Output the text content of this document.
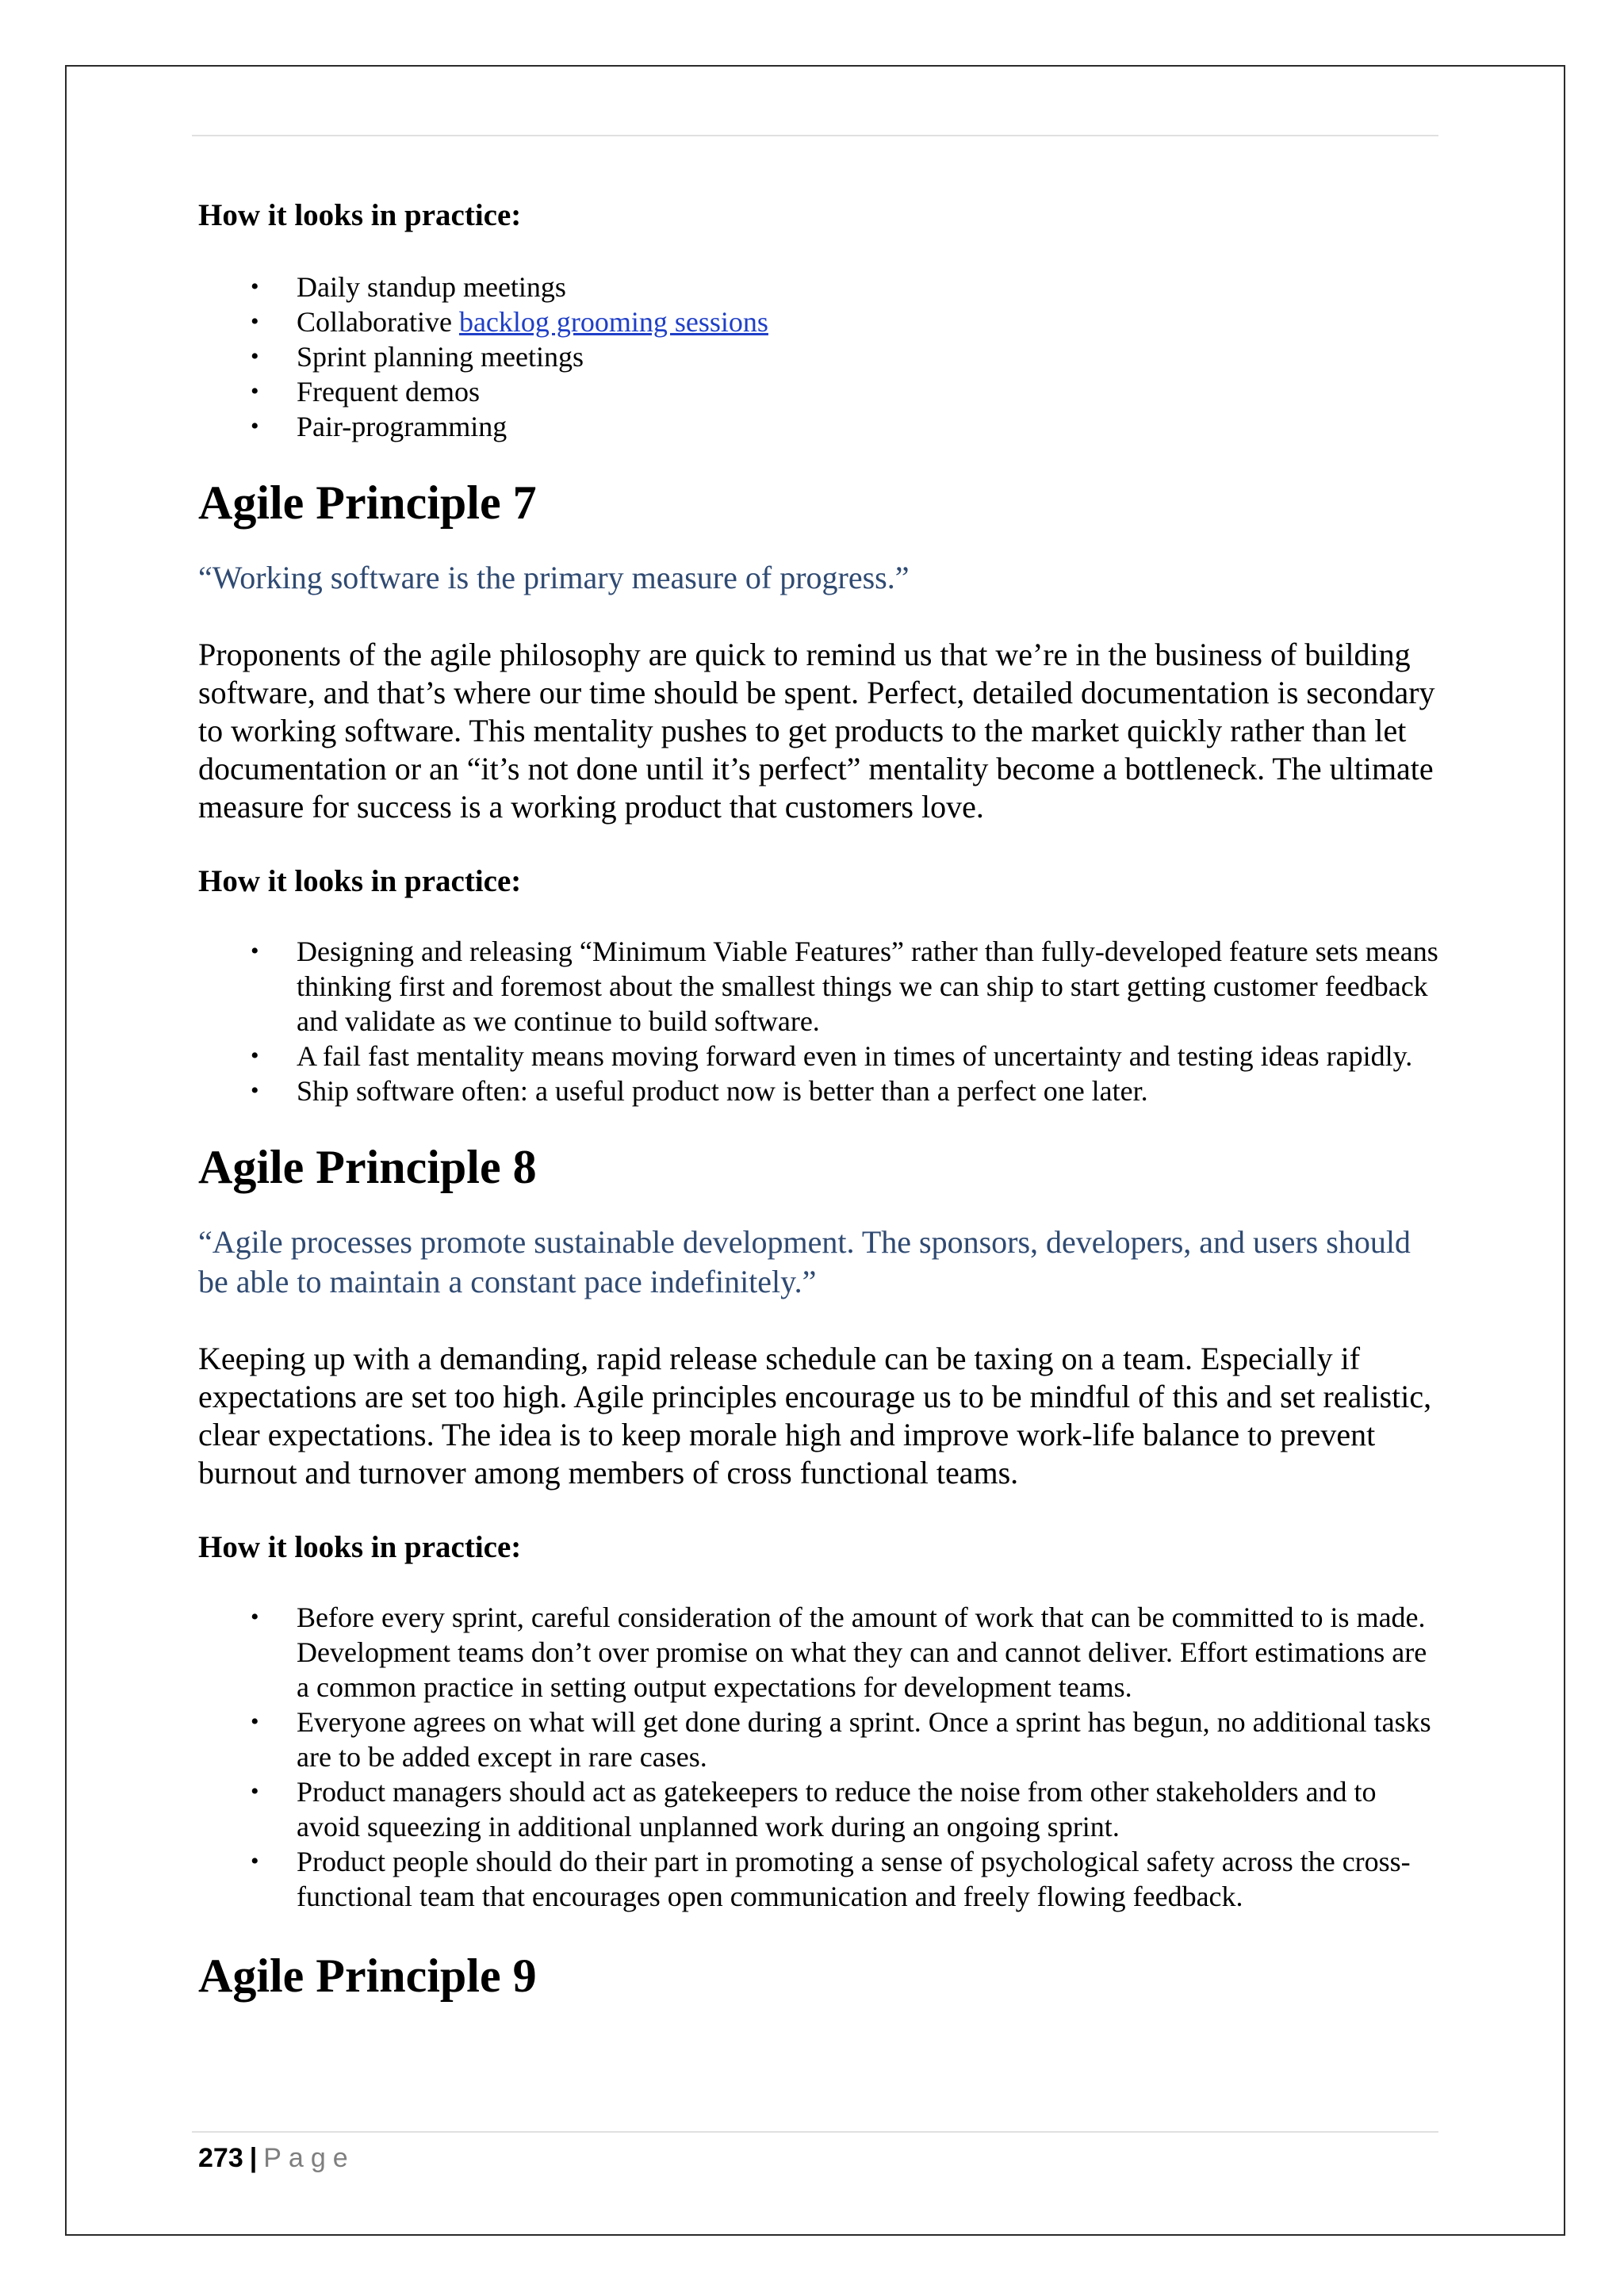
How it looks in practice:
• Daily standup meetings
• Collaborative backlog grooming sessions
• Sprint planning meetings
• Frequent demos
• Pair-programming
Agile Principle 7

“Working software is the primary measure of progress.”

Proponents of the agile philosophy are quick to remind us that we’re in the business of building software, and that’s where our time should be spent. Perfect, detailed documentation is secondary to working software. This mentality pushes to get products to the market quickly rather than let documentation or an “it’s not done until it’s perfect” mentality become a bottleneck. The ultimate measure for success is a working product that customers love.

How it looks in practice:
• Designing and releasing “Minimum Viable Features” rather than fully-developed feature sets means thinking first and foremost about the smallest things we can ship to start getting customer feedback and validate as we continue to build software.
• A fail fast mentality means moving forward even in times of uncertainty and testing ideas rapidly.
• Ship software often: a useful product now is better than a perfect one later.
Agile Principle 8

“Agile processes promote sustainable development. The sponsors, developers, and users should be able to maintain a constant pace indefinitely.”

Keeping up with a demanding, rapid release schedule can be taxing on a team. Especially if expectations are set too high. Agile principles encourage us to be mindful of this and set realistic, clear expectations. The idea is to keep morale high and improve work-life balance to prevent burnout and turnover among members of cross functional teams.

How it looks in practice:
• Before every sprint, careful consideration of the amount of work that can be committed to is made. Development teams don’t over promise on what they can and cannot deliver. Effort estimations are a common practice in setting output expectations for development teams.
• Everyone agrees on what will get done during a sprint. Once a sprint has begun, no additional tasks are to be added except in rare cases.
• Product managers should act as gatekeepers to reduce the noise from other stakeholders and to avoid squeezing in additional unplanned work during an ongoing sprint.
• Product people should do their part in promoting a sense of psychological safety across the cross-functional team that encourages open communication and freely flowing feedback.
Agile Principle 9
273 | Page
